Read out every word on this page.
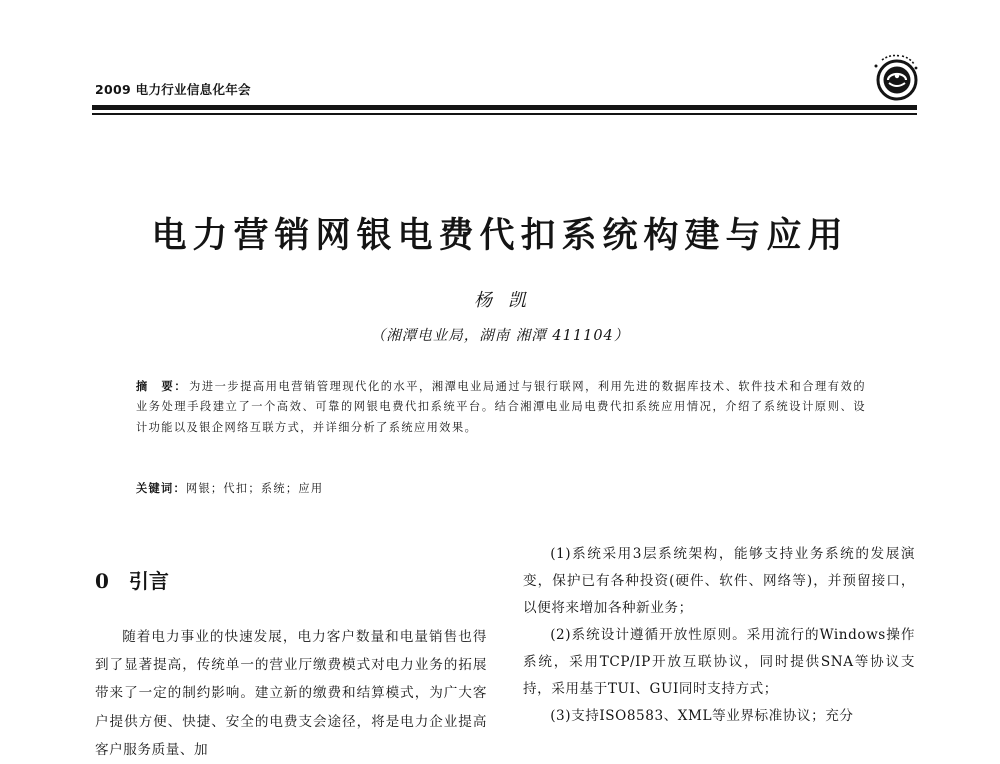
2009 电力行业信息化年会
电力营销网银电费代扣系统构建与应用
杨凯
（湘潭电业局，湖南 湘潭 411104）
摘　要： 为进一步提高用电营销管理现代化的水平，湘潭电业局通过与银行联网，利用先进的数据库技术、软件技术和合理有效的业务处理手段建立了一个高效、可靠的网银电费代扣系统平台。结合湘潭电业局电费代扣系统应用情况，介绍了系统设计原则、设计功能以及银企网络互联方式，并详细分析了系统应用效果。
关键词：网银；代扣；系统；应用
0 引言

随着电力事业的快速发展，电力客户数量和电量销售也得到了显著提高，传统单一的营业厅缴费模式对电力业务的拓展带来了一定的制约影响。建立新的缴费和结算模式，为广大客户提供方便、快捷、安全的电费支会途径，将是电力企业提高客户服务质量、加

(1)系统采用3层系统架构，能够支持业务系统的发展演变，保护已有各种投资(硬件、软件、网络等)，并预留接口，以便将来增加各种新业务；

(2)系统设计遵循开放性原则。采用流行的Windows操作系统，采用TCP/IP开放互联协议，同时提供SNA等协议支持，采用基于TUI、GUI同时支持方式；

(3)支持ISO8583、XML等业界标准协议；充分
